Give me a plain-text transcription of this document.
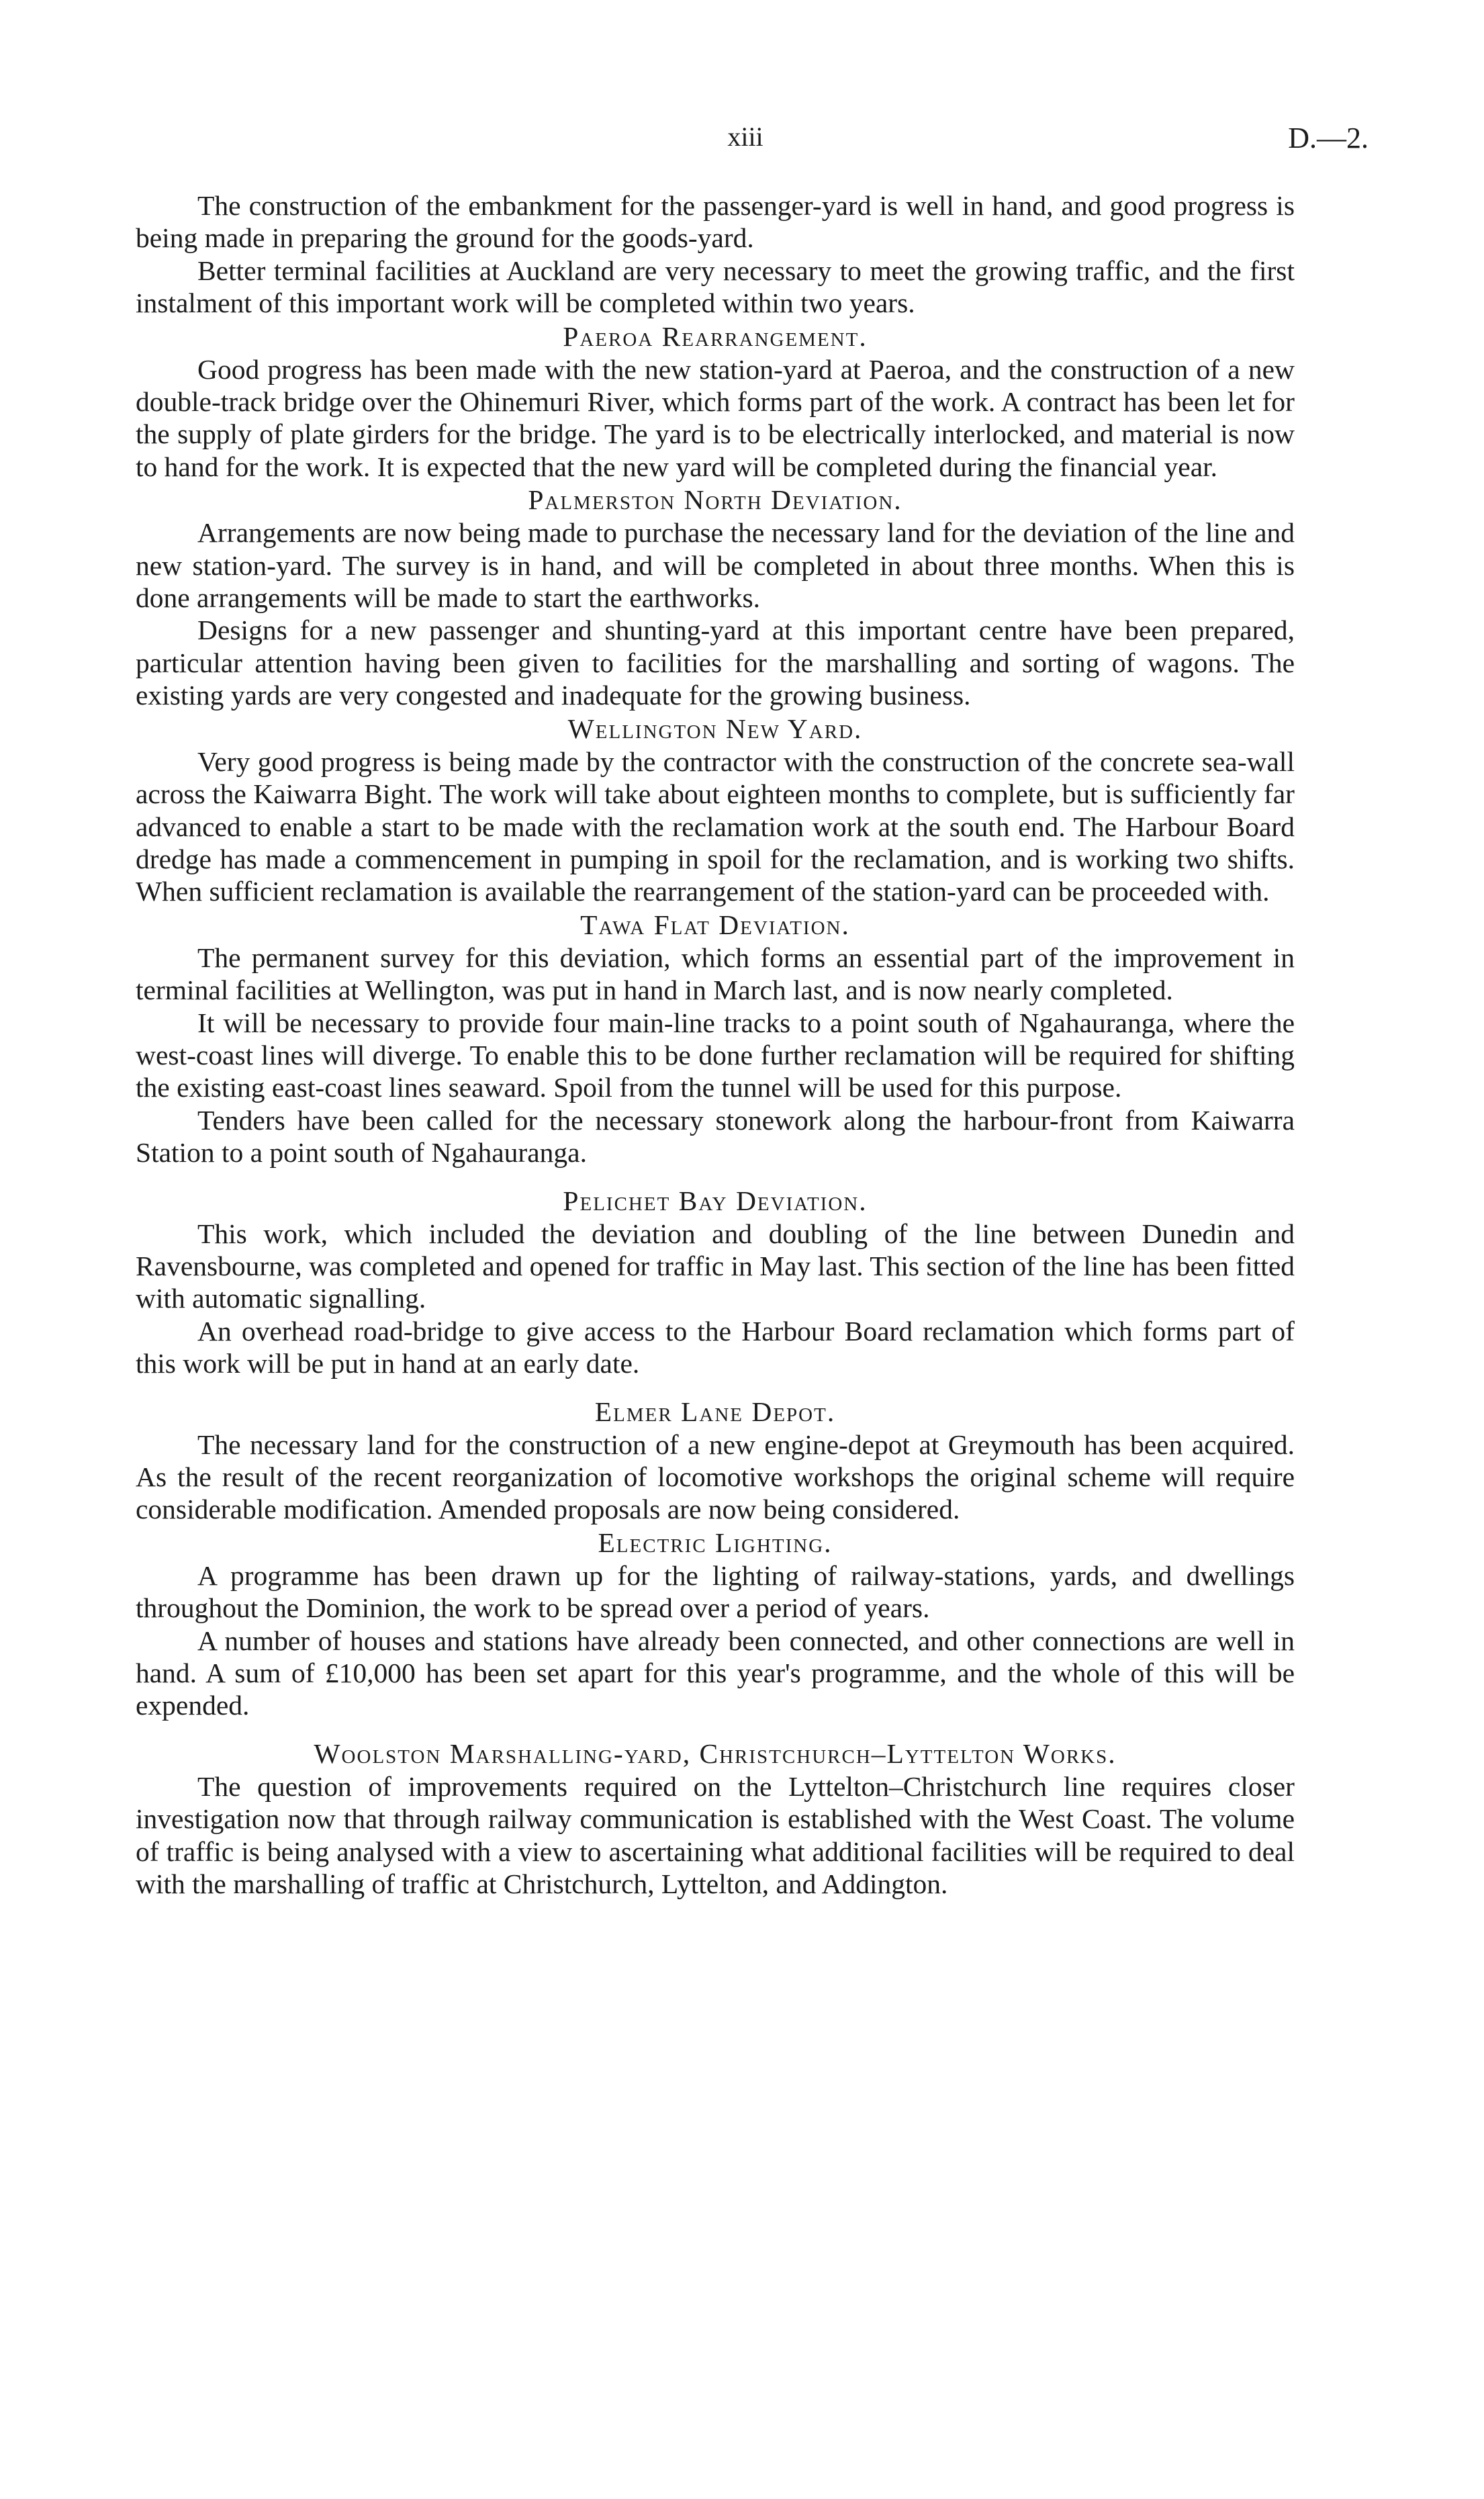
xiii	D.—2.

The construction of the embankment for the passenger-yard is well in hand, and good progress is being made in preparing the ground for the goods-yard.

Better terminal facilities at Auckland are very necessary to meet the growing traffic, and the first instalment of this important work will be completed within two years.

Paeroa Rearrangement.

Good progress has been made with the new station-yard at Paeroa, and the construction of a new double-track bridge over the Ohinemuri River, which forms part of the work. A contract has been let for the supply of plate girders for the bridge. The yard is to be electrically interlocked, and material is now to hand for the work. It is expected that the new yard will be completed during the financial year.

Palmerston North Deviation.

Arrangements are now being made to purchase the necessary land for the deviation of the line and new station-yard. The survey is in hand, and will be completed in about three months. When this is done arrangements will be made to start the earthworks.

Designs for a new passenger and shunting-yard at this important centre have been prepared, particular attention having been given to facilities for the marshalling and sorting of wagons. The existing yards are very congested and inadequate for the growing business.

Wellington New Yard.

Very good progress is being made by the contractor with the construction of the concrete sea-wall across the Kaiwarra Bight. The work will take about eighteen months to complete, but is sufficiently far advanced to enable a start to be made with the reclamation work at the south end. The Harbour Board dredge has made a commencement in pumping in spoil for the reclamation, and is working two shifts. When sufficient reclamation is available the rearrangement of the station-yard can be proceeded with.

Tawa Flat Deviation.

The permanent survey for this deviation, which forms an essential part of the improvement in terminal facilities at Wellington, was put in hand in March last, and is now nearly completed.

It will be necessary to provide four main-line tracks to a point south of Ngahauranga, where the west-coast lines will diverge. To enable this to be done further reclamation will be required for shifting the existing east-coast lines seaward. Spoil from the tunnel will be used for this purpose.

Tenders have been called for the necessary stonework along the harbour-front from Kaiwarra Station to a point south of Ngahauranga.

Pelichet Bay Deviation.

This work, which included the deviation and doubling of the line between Dunedin and Ravensbourne, was completed and opened for traffic in May last. This section of the line has been fitted with automatic signalling.

An overhead road-bridge to give access to the Harbour Board reclamation which forms part of this work will be put in hand at an early date.

Elmer Lane Depot.

The necessary land for the construction of a new engine-depot at Greymouth has been acquired. As the result of the recent reorganization of locomotive workshops the original scheme will require considerable modification. Amended proposals are now being considered.

Electric Lighting.

A programme has been drawn up for the lighting of railway-stations, yards, and dwellings throughout the Dominion, the work to be spread over a period of years.

A number of houses and stations have already been connected, and other connections are well in hand. A sum of £10,000 has been set apart for this year's programme, and the whole of this will be expended.

Woolston Marshalling-yard, Christchurch–Lyttelton Works.

The question of improvements required on the Lyttelton–Christchurch line requires closer investigation now that through railway communication is established with the West Coast. The volume of traffic is being analysed with a view to ascertaining what additional facilities will be required to deal with the marshalling of traffic at Christchurch, Lyttelton, and Addington.
